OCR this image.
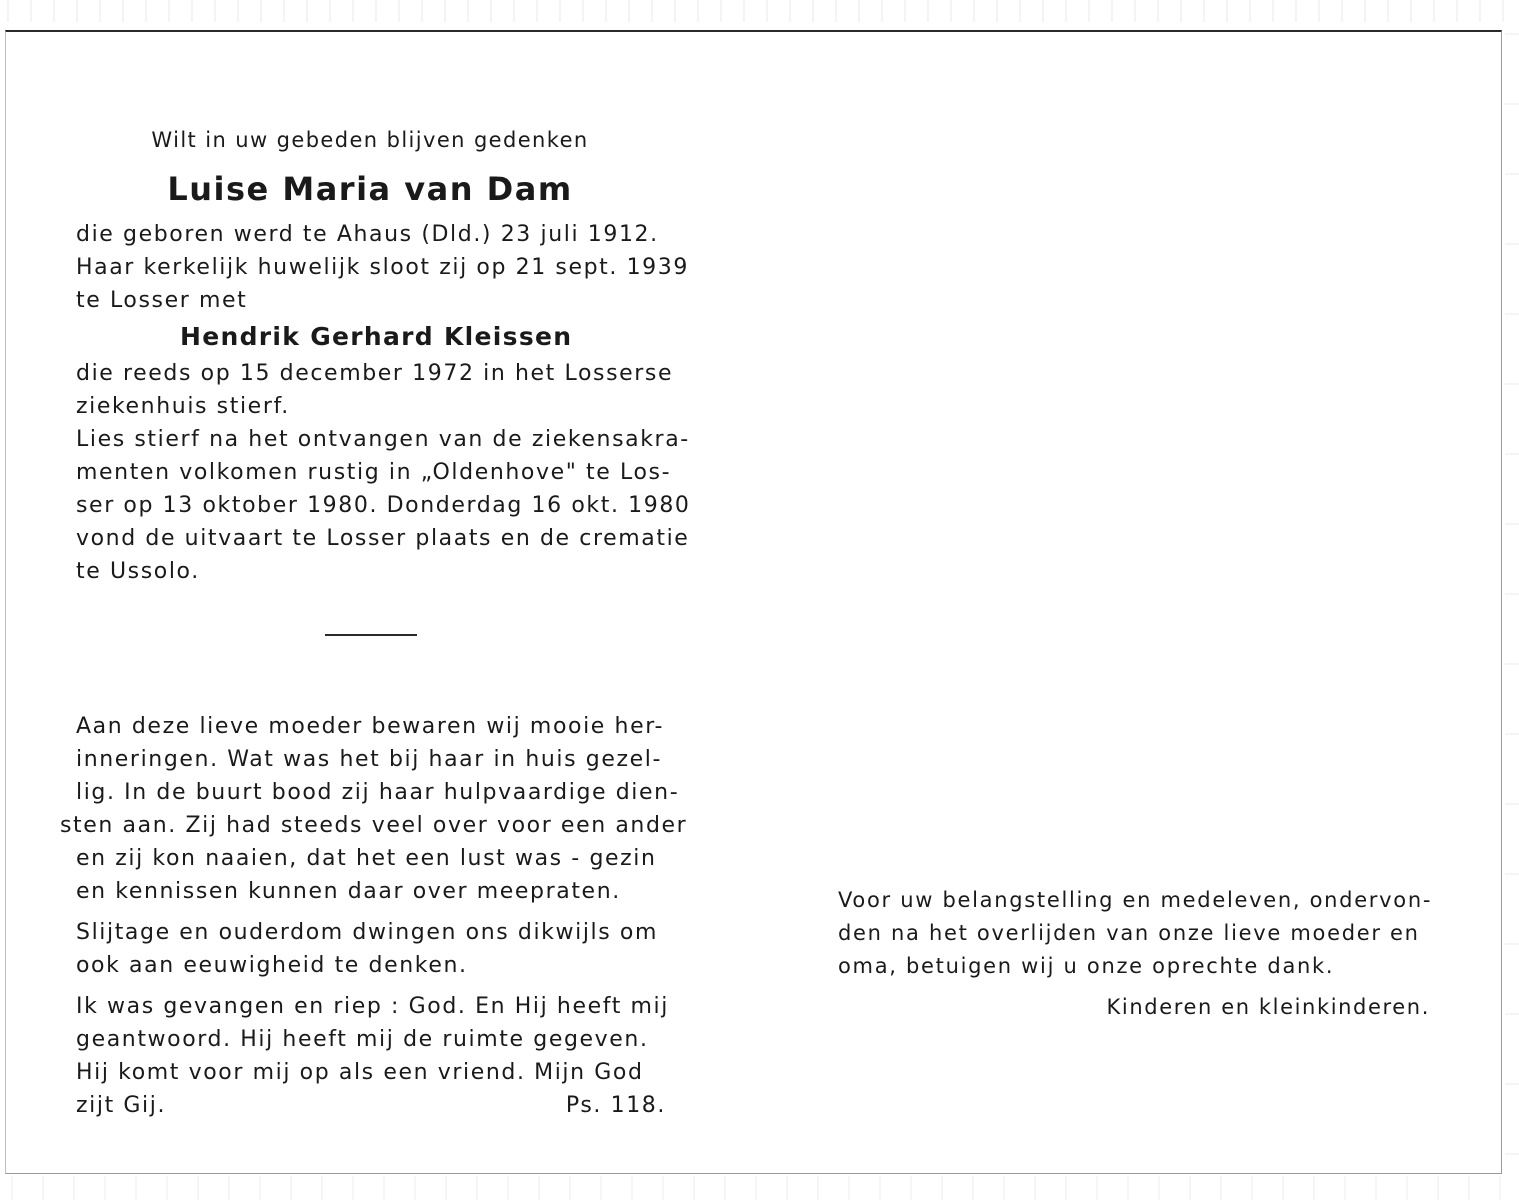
Wilt in uw gebeden blijven gedenken
Luise Maria van Dam
die geboren werd te Ahaus (Dld.) 23 juli 1912.
Haar kerkelijk huwelijk sloot zij op 21 sept. 1939
te Losser met
Hendrik Gerhard Kleissen
die reeds op 15 december 1972 in het Losserse
ziekenhuis stierf.
Lies stierf na het ontvangen van de ziekensakra-
menten volkomen rustig in „Oldenhove" te Los-
ser op 13 oktober 1980. Donderdag 16 okt. 1980
vond de uitvaart te Losser plaats en de crematie
te Ussolo.
Aan deze lieve moeder bewaren wij mooie her-
inneringen. Wat was het bij haar in huis gezel-
lig. In de buurt bood zij haar hulpvaardige dien-
sten aan. Zij had steeds veel over voor een ander
en zij kon naaien, dat het een lust was - gezin
en kennissen kunnen daar over meepraten.
Slijtage en ouderdom dwingen ons dikwijls om
ook aan eeuwigheid te denken.
Ik was gevangen en riep : God. En Hij heeft mij
geantwoord. Hij heeft mij de ruimte gegeven.
Hij komt voor mij op als een vriend. Mijn God
zijt Gij.	Ps. 118.
Voor uw belangstelling en medeleven, ondervon-
den na het overlijden van onze lieve moeder en
oma, betuigen wij u onze oprechte dank.
Kinderen en kleinkinderen.
